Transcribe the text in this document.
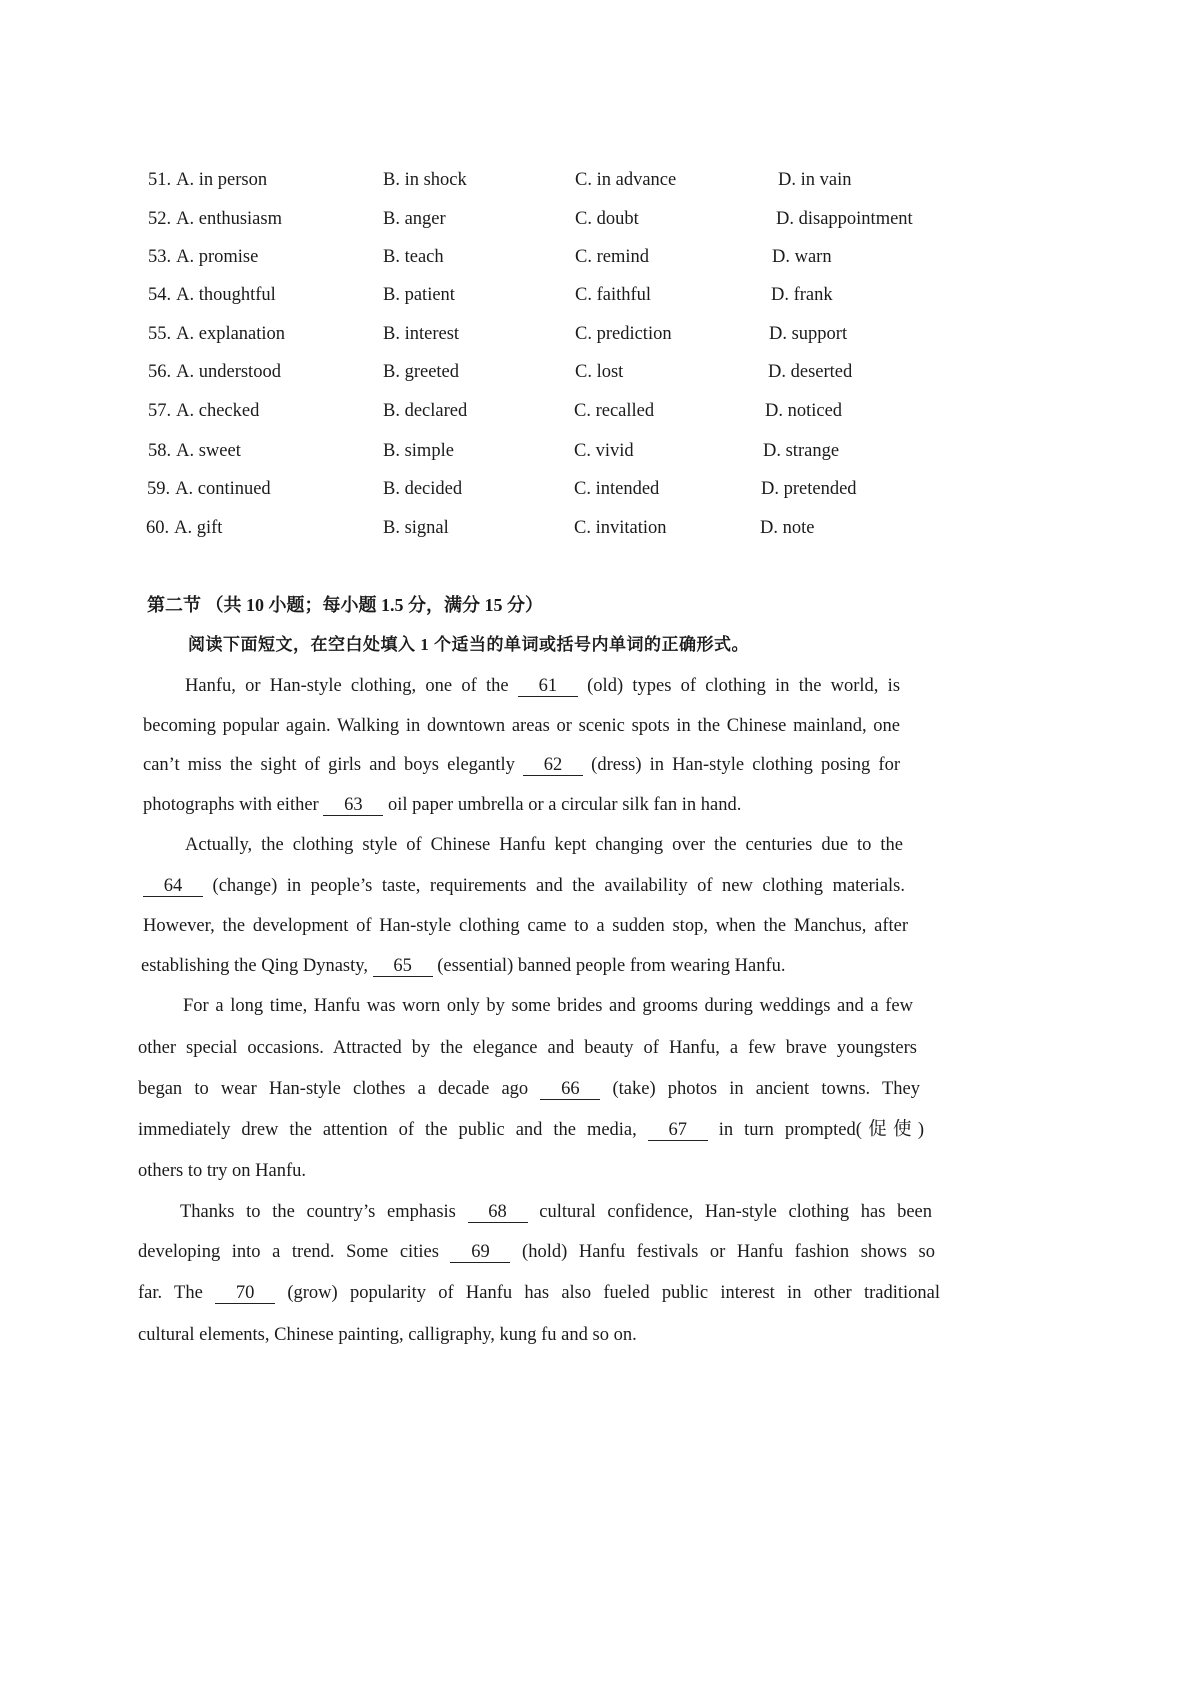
51. A. in person	B. in shock	C. in advance	D. in vain
52. A. enthusiasm	B. anger	C. doubt	D. disappointment
53. A. promise	B. teach	C. remind	D. warn
54. A. thoughtful	B. patient	C. faithful	D. frank
55. A. explanation	B. interest	C. prediction	D. support
56. A. understood	B. greeted	C. lost	D. deserted
57. A. checked	B. declared	C. recalled	D. noticed
58. A. sweet	B. simple	C. vivid	D. strange
59. A. continued	B. decided	C. intended	D. pretended
60. A. gift	B. signal	C. invitation	D. note
第二节 （共 10 小题；每小题 1.5 分，满分 15 分）
阅读下面短文，在空白处填入 1 个适当的单词或括号内单词的正确形式。
Hanfu, or Han-style clothing, one of the 61 (old) types of clothing in the world, is
becoming popular again. Walking in downtown areas or scenic spots in the Chinese mainland, one
can’t miss the sight of girls and boys elegantly 62 (dress) in Han-style clothing posing for
photographs with either 63 oil paper umbrella or a circular silk fan in hand.
Actually, the clothing style of Chinese Hanfu kept changing over the centuries due to the
64 (change) in people’s taste, requirements and the availability of new clothing materials.
However, the development of Han-style clothing came to a sudden stop, when the Manchus, after
establishing the Qing Dynasty, 65 (essential) banned people from wearing Hanfu.
For a long time, Hanfu was worn only by some brides and grooms during weddings and a few
other special occasions. Attracted by the elegance and beauty of Hanfu, a few brave youngsters
began to wear Han-style clothes a decade ago 66 (take) photos in ancient towns. They
immediately drew the attention of the public and the media, 67 in turn prompted(促使)
others to try on Hanfu.
Thanks to the country’s emphasis 68 cultural confidence, Han-style clothing has been
developing into a trend. Some cities 69 (hold) Hanfu festivals or Hanfu fashion shows so
far. The 70 (grow) popularity of Hanfu has also fueled public interest in other traditional
cultural elements, Chinese painting, calligraphy, kung fu and so on.
